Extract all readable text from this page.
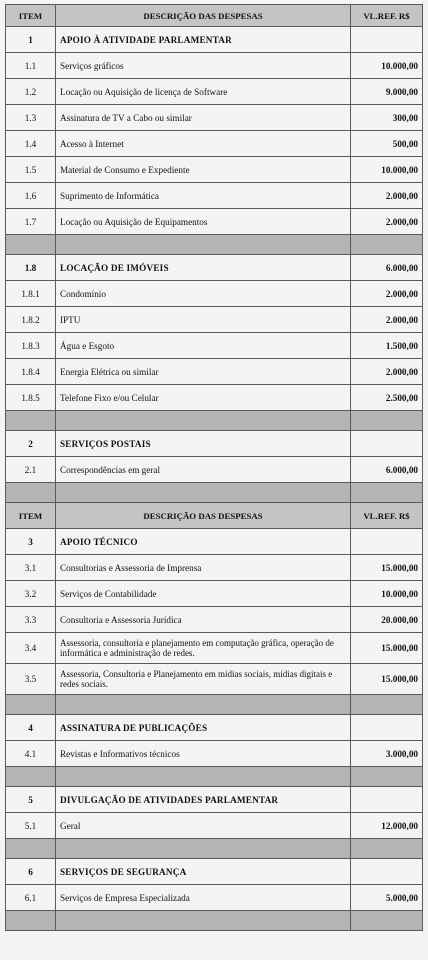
ITEM	DESCRIÇÃO DAS DESPESAS	VL.REF. R$
1	APOIO À ATIVIDADE PARLAMENTAR	
1.1	Serviços gráficos	10.000,00
1.2	Locação ou Aquisição de licença de Software	9.000,00
1.3	Assinatura de TV a Cabo ou similar	300,00
1.4	Acesso à Internet	500,00
1.5	Material de Consumo e Expediente	10.000,00
1.6	Suprimento de Informática	2.000,00
1.7	Locação ou Aquisição de Equipamentos	2.000,00

1.8	LOCAÇÃO DE IMÓVEIS	6.000,00
1.8.1	Condomínio	2.000,00
1.8.2	IPTU	2.000,00
1.8.3	Água e Esgoto	1.500,00
1.8.4	Energia Elétrica ou similar	2.000,00
1.8.5	Telefone Fixo e/ou Celular	2.500,00

2	SERVIÇOS POSTAIS	
2.1	Correspondências em geral	6.000,00

ITEM	DESCRIÇÃO DAS DESPESAS	VL.REF. R$
3	APOIO TÉCNICO	
3.1	Consultorias e Assessoria de Imprensa	15.000,00
3.2	Serviços de Contabilidade	10.000,00
3.3	Consultoria e Assessoria Jurídica	20.000,00
3.4	Assessoria, consultoria e planejamento em computação gráfica, operação de informática e administração de redes.	15.000,00
3.5	Assessoria, Consultoria e Planejamento em mídias sociais, mídias digitais e redes sociais.	15.000,00

4	ASSINATURA DE PUBLICAÇÕES	
4.1	Revistas e Informativos técnicos	3.000,00

5	DIVULGAÇÃO DE ATIVIDADES PARLAMENTAR	
5.1	Geral	12.000,00

6	SERVIÇOS DE SEGURANÇA	
6.1	Serviços de Empresa Especializada	5.000,00
